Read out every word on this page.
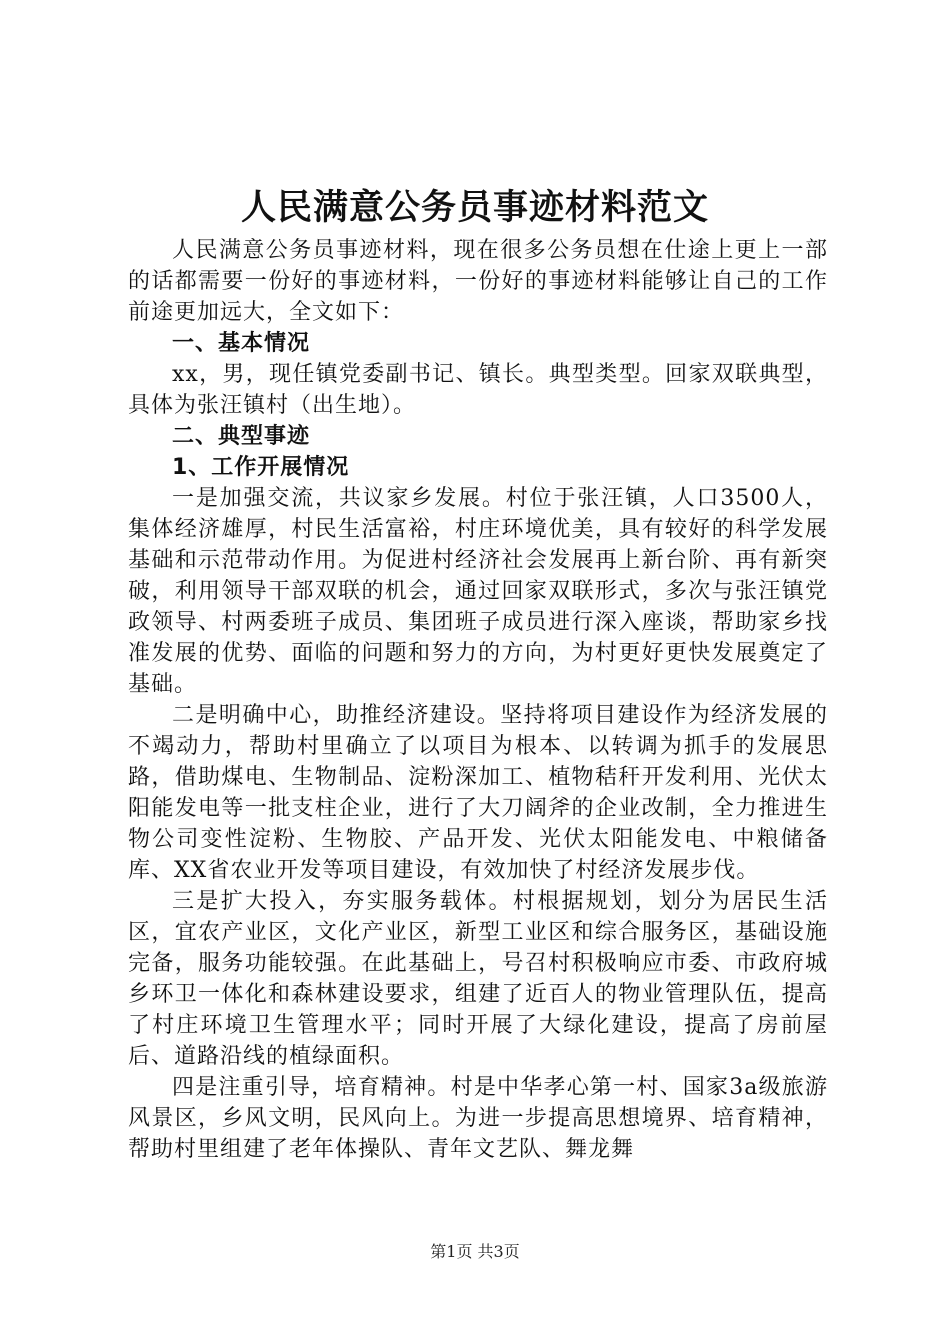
人民满意公务员事迹材料范文

人民满意公务员事迹材料，现在很多公务员想在仕途上更上一部的话都需要一份好的事迹材料，一份好的事迹材料能够让自己的工作前途更加远大，全文如下：

一、基本情况

xx，男，现任镇党委副书记、镇长。典型类型。回家双联典型，具体为张汪镇村（出生地）。

二、典型事迹

1、工作开展情况

一是加强交流，共议家乡发展。村位于张汪镇，人口3500人，集体经济雄厚，村民生活富裕，村庄环境优美，具有较好的科学发展基础和示范带动作用。为促进村经济社会发展再上新台阶、再有新突破，利用领导干部双联的机会，通过回家双联形式，多次与张汪镇党政领导、村两委班子成员、集团班子成员进行深入座谈，帮助家乡找准发展的优势、面临的问题和努力的方向，为村更好更快发展奠定了基础。

二是明确中心，助推经济建设。坚持将项目建设作为经济发展的不竭动力，帮助村里确立了以项目为根本、以转调为抓手的发展思路，借助煤电、生物制品、淀粉深加工、植物秸秆开发利用、光伏太阳能发电等一批支柱企业，进行了大刀阔斧的企业改制，全力推进生物公司变性淀粉、生物胶、产品开发、光伏太阳能发电、中粮储备库、XX省农业开发等项目建设，有效加快了村经济发展步伐。

三是扩大投入，夯实服务载体。村根据规划，划分为居民生活区，宜农产业区，文化产业区，新型工业区和综合服务区，基础设施完备，服务功能较强。在此基础上，号召村积极响应市委、市政府城乡环卫一体化和森林建设要求，组建了近百人的物业管理队伍，提高了村庄环境卫生管理水平；同时开展了大绿化建设，提高了房前屋后、道路沿线的植绿面积。

四是注重引导，培育精神。村是中华孝心第一村、国家3a级旅游风景区，乡风文明，民风向上。为进一步提高思想境界、培育精神，帮助村里组建了老年体操队、青年文艺队、舞龙舞

第1页 共3页
